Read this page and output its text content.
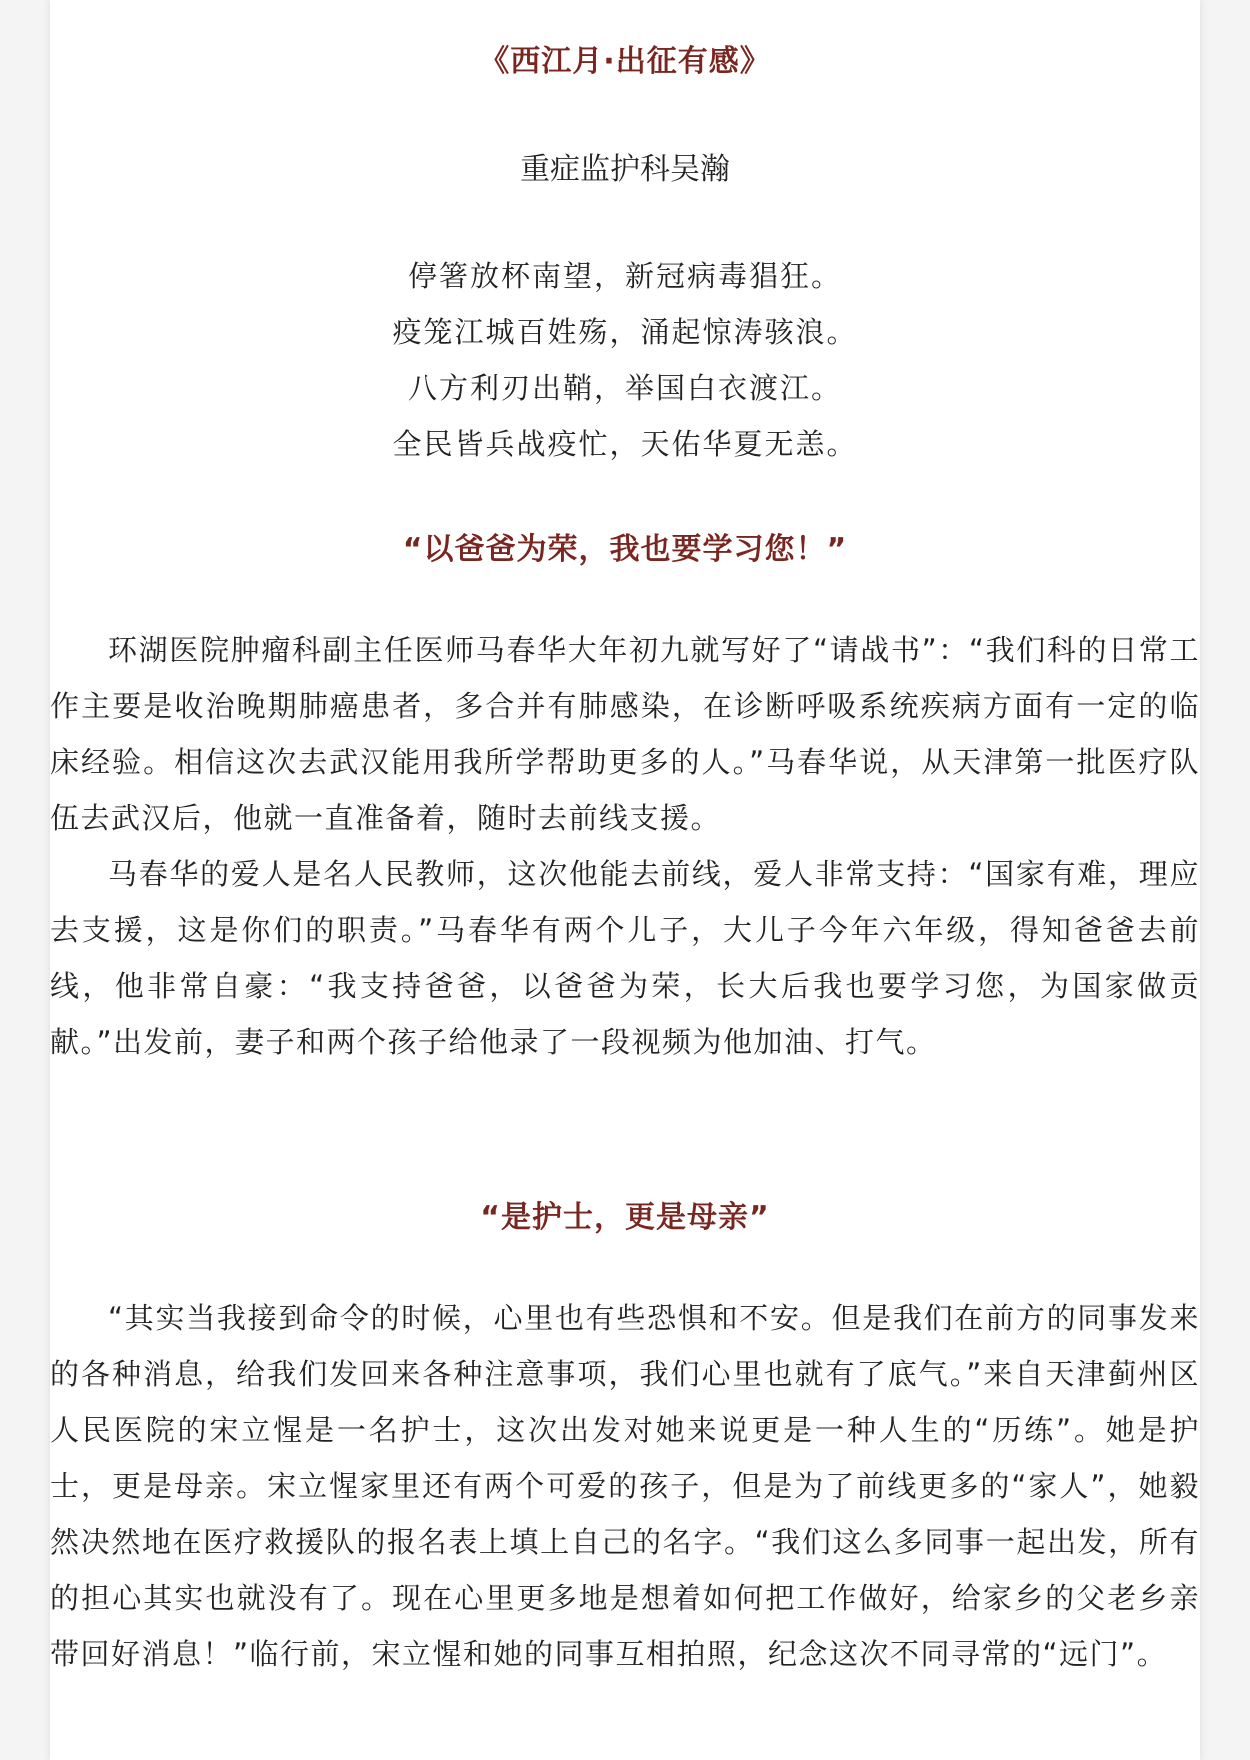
《西江月·出征有感》
重症监护科吴瀚
停箸放杯南望，新冠病毒猖狂。
疫笼江城百姓殇，涌起惊涛骇浪。
八方利刃出鞘，举国白衣渡江。
全民皆兵战疫忙，天佑华夏无恙。
“以爸爸为荣，我也要学习您！”

环湖医院肿瘤科副主任医师马春华大年初九就写好了“请战书”：“我们科的日常工作主要是收治晚期肺癌患者，多合并有肺感染，在诊断呼吸系统疾病方面有一定的临床经验。相信这次去武汉能用我所学帮助更多的人。”马春华说，从天津第一批医疗队伍去武汉后，他就一直准备着，随时去前线支援。

马春华的爱人是名人民教师，这次他能去前线，爱人非常支持：“国家有难，理应去支援，这是你们的职责。”马春华有两个儿子，大儿子今年六年级，得知爸爸去前线，他非常自豪：“我支持爸爸，以爸爸为荣，长大后我也要学习您，为国家做贡献。”出发前，妻子和两个孩子给他录了一段视频为他加油、打气。

“是护士，更是母亲”

“其实当我接到命令的时候，心里也有些恐惧和不安。但是我们在前方的同事发来的各种消息，给我们发回来各种注意事项，我们心里也就有了底气。”来自天津蓟州区人民医院的宋立惺是一名护士，这次出发对她来说更是一种人生的“历练”。她是护士，更是母亲。宋立惺家里还有两个可爱的孩子，但是为了前线更多的“家人”，她毅然决然地在医疗救援队的报名表上填上自己的名字。“我们这么多同事一起出发，所有的担心其实也就没有了。现在心里更多地是想着如何把工作做好，给家乡的父老乡亲带回好消息！”临行前，宋立惺和她的同事互相拍照，纪念这次不同寻常的“远门”。
